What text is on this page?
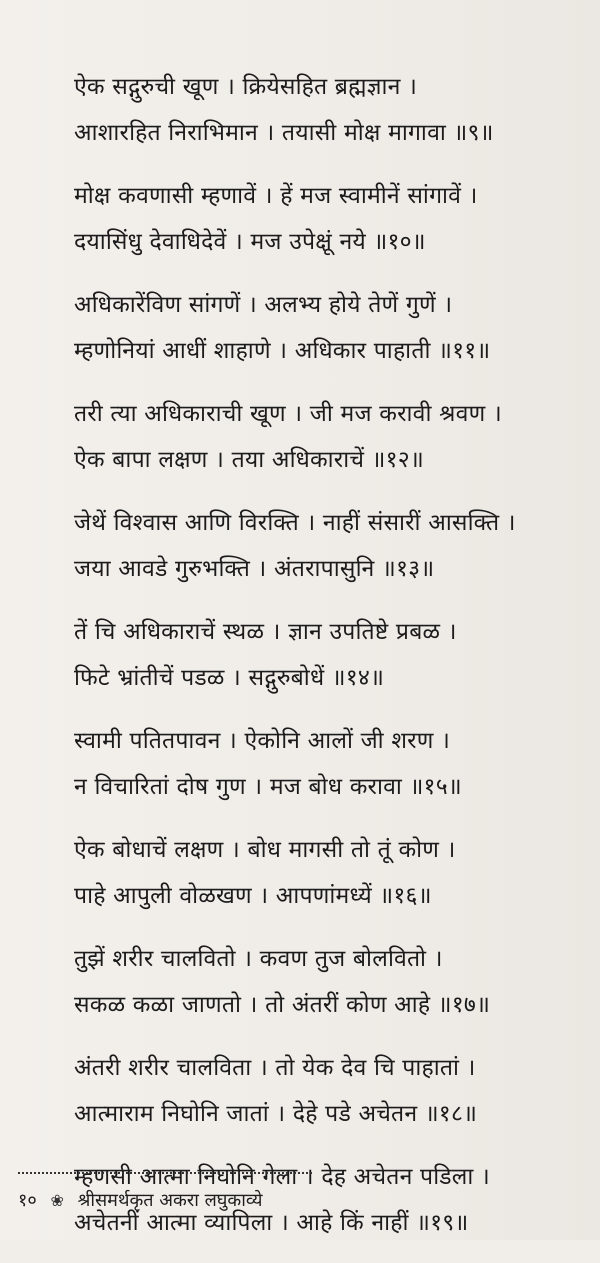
ऐक सद्गुरुची खूण । क्रियेसहित ब्रह्मज्ञान ।
आशारहित निराभिमान । तयासी मोक्ष मागावा ॥९॥
मोक्ष कवणासी म्हणावें । हें मज स्वामीनें सांगावें ।
दयासिंधु देवाधिदेवें । मज उपेक्षूं नये ॥१०॥
अधिकारेंविण सांगणें । अलभ्य होये तेणें गुणें ।
म्हणोनियां आधीं शाहाणे । अधिकार पाहाती ॥११॥
तरी त्या अधिकाराची खूण । जी मज करावी श्रवण ।
ऐक बापा लक्षण । तया अधिकाराचें ॥१२॥
जेथें विश्वास आणि विरक्ति । नाहीं संसारीं आसक्ति ।
जया आवडे गुरुभक्ति । अंतरापासुनि ॥१३॥
तें चि अधिकाराचें स्थळ । ज्ञान उपतिष्टे प्रबळ ।
फिटे भ्रांतीचें पडळ । सद्गुरुबोधें ॥१४॥
स्वामी पतितपावन । ऐकोनि आलों जी शरण ।
न विचारितां दोष गुण । मज बोध करावा ॥१५॥
ऐक बोधाचें लक्षण । बोध मागसी तो तूं कोण ।
पाहे आपुली वोळखण । आपणांमध्यें ॥१६॥
तुझें शरीर चालवितो । कवण तुज बोलवितो ।
सकळ कळा जाणतो । तो अंतरीं कोण आहे ॥१७॥
अंतरी शरीर चालविता । तो येक देव चि पाहातां ।
आत्माराम निघोनि जातां । देहे पडे अचेतन ॥१८॥
म्हणसी आत्मा निघोनि गेला । देह अचेतन पडिला ।
अचेतनीं आत्मा व्यापिला । आहे किं नाहीं ॥१९॥
१० ❀ श्रीसमर्थकृत अकरा लघुकाव्ये
